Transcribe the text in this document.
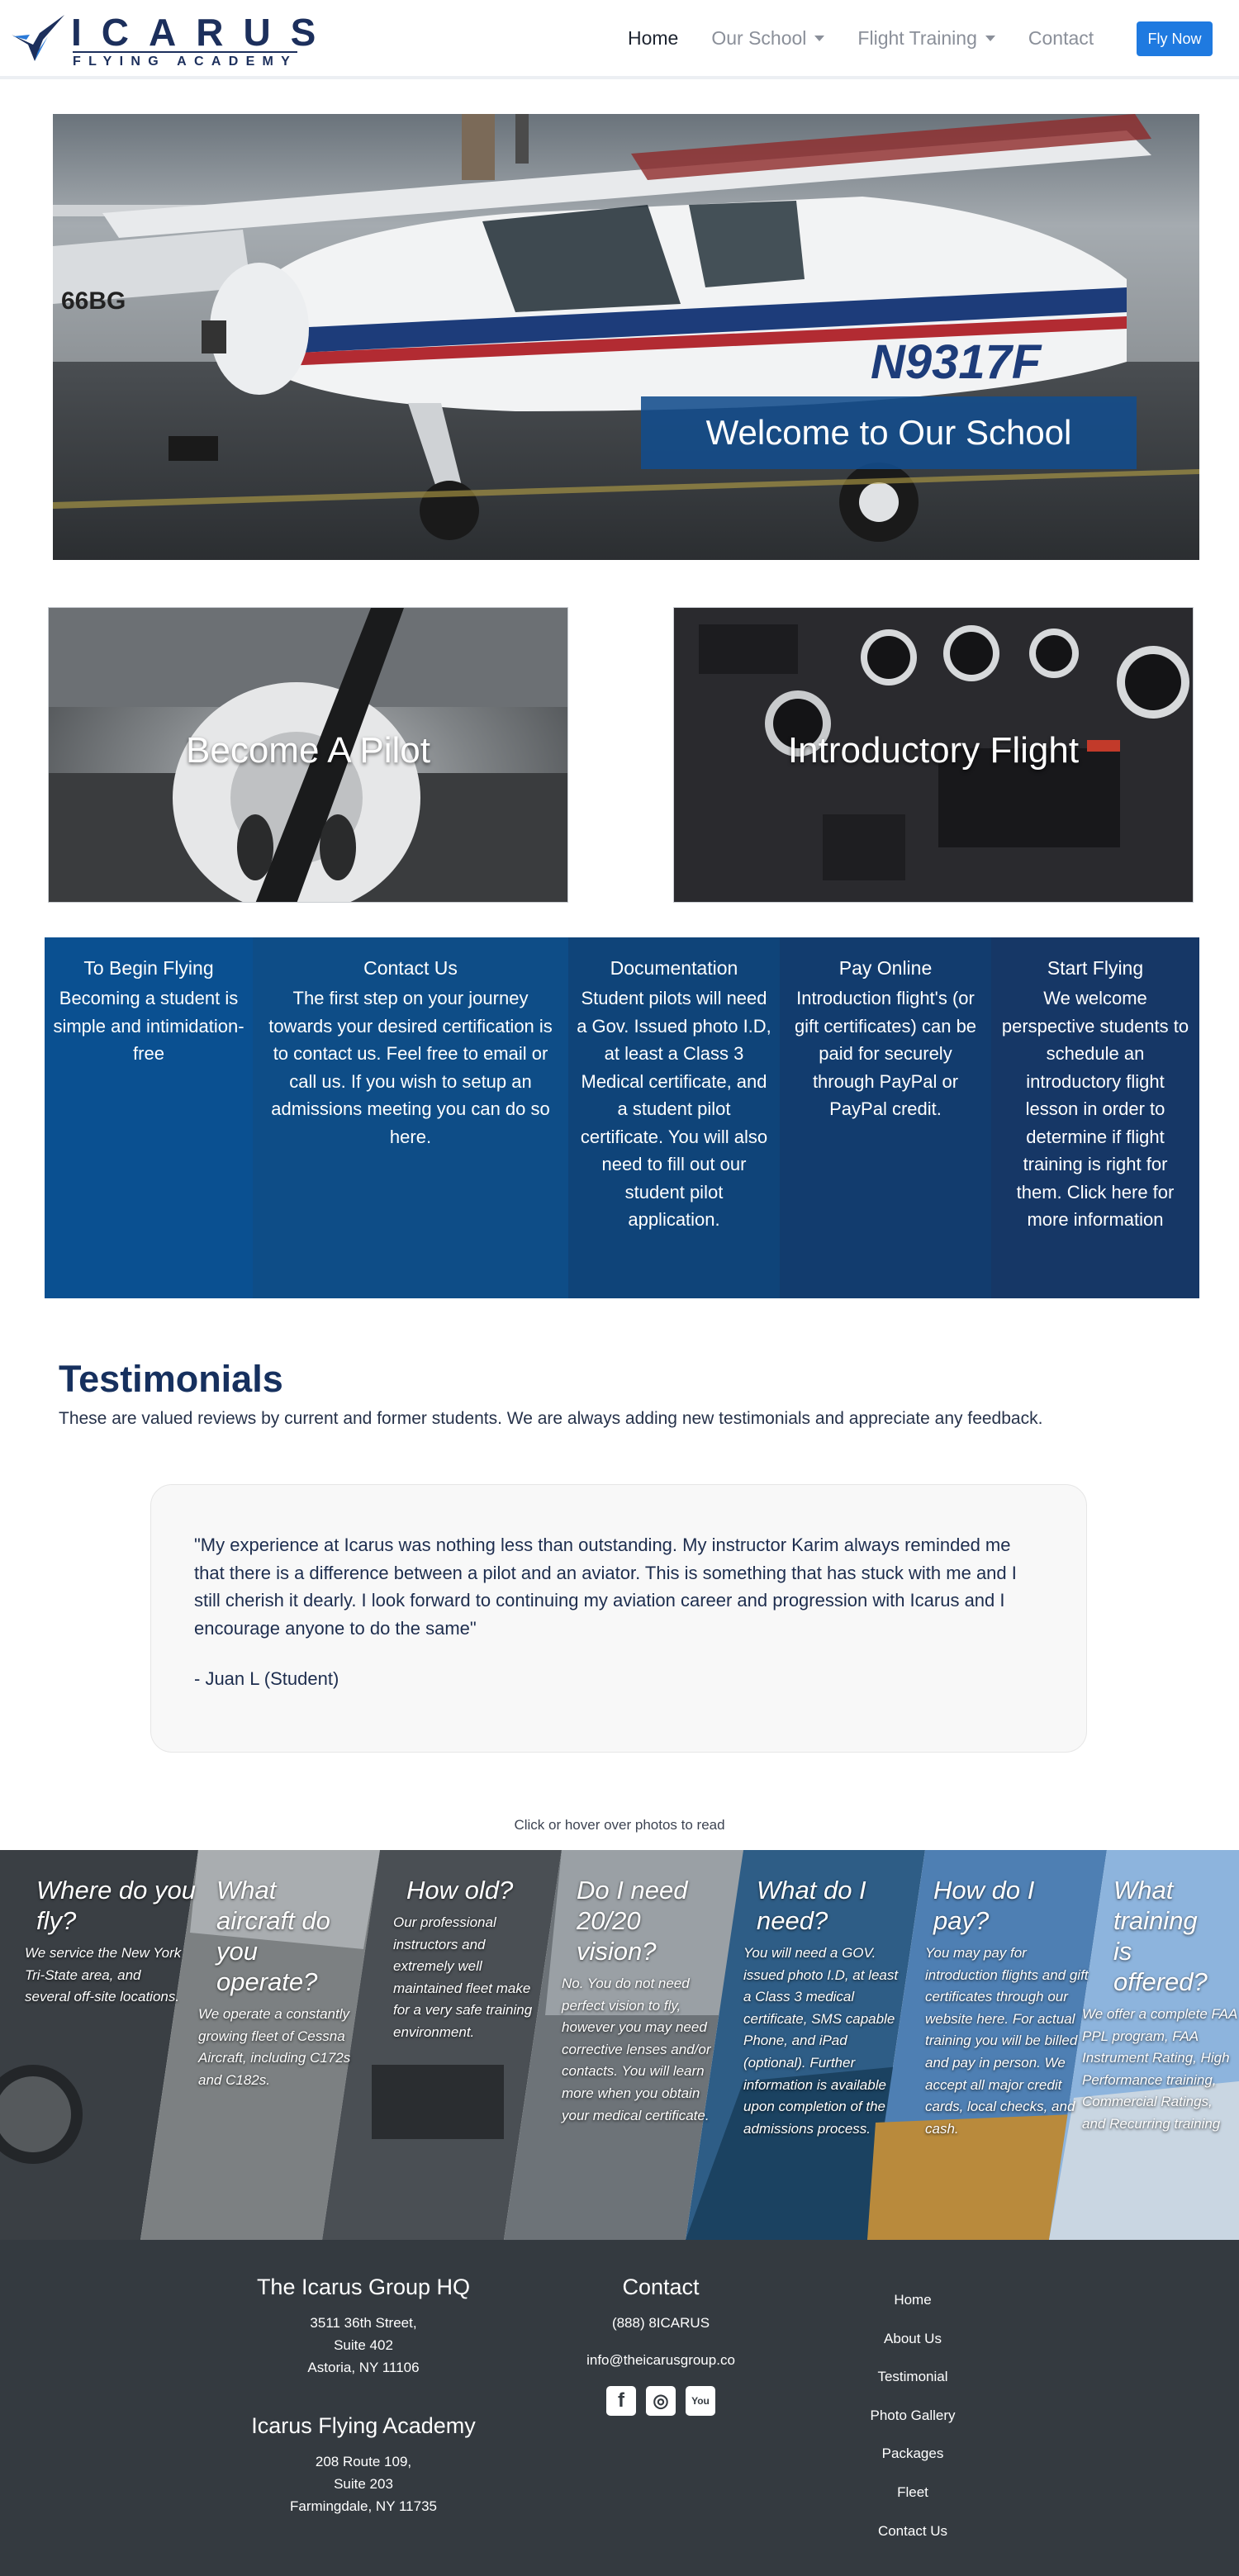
ICARUS
FLYING ACADEMY
Home Our School	Flight Training	Contact	Fly Now
N9317F
66BG
Welcome to Our School
Become A Pilot	Introductory Flight
To Begin Flying
Becoming a student is simple and intimidation-free
Contact Us
The first step on your journey towards your desired certification is to contact us. Feel free to email or call us. If you wish to setup an admissions meeting you can do so here.
Documentation
Student pilots will need a Gov. Issued photo I.D, at least a Class 3 Medical certificate, and a student pilot certificate. You will also need to fill out our student pilot application.
Pay Online
Introduction flight's (or gift certificates) can be paid for securely through PayPal or PayPal credit.
Start Flying
We welcome perspective students to schedule an introductory flight lesson in order to determine if flight training is right for them. Click here for more information
Testimonials

These are valued reviews by current and former students. We are always adding new testimonials and appreciate any feedback.

"My experience at Icarus was nothing less than outstanding. My instructor Karim always reminded me that there is a difference between a pilot and an aviator. This is something that has stuck with me and I still cherish it dearly. I look forward to continuing my aviation career and progression with Icarus and I encourage anyone to do the same"

- Juan L (Student)

Click or hover over photos to read
Where do you fly?
We service the New York Tri-State area, and several off-site locations.
What aircraft do you operate?
We operate a constantly growing fleet of Cessna Aircraft, including C172s and C182s.
How old?
Our professional instructors and extremely well maintained fleet make for a very safe training environment.
Do I need 20/20 vision?
No. You do not need perfect vision to fly, however you may need corrective lenses and/or contacts. You will learn more when you obtain your medical certificate.
What do I need?
You will need a GOV. issued photo I.D, at least a Class 3 medical certificate, SMS capable Phone, and iPad (optional). Further information is available upon completion of the admissions process.
How do I pay?
You may pay for introduction flights and gift certificates through our website here. For actual training you will be billed and pay in person. We accept all major credit cards, local checks, and cash.
What training is offered?
We offer a complete FAA PPL program, FAA Instrument Rating, High Performance training, Commercial Ratings, and Recurring training
The Icarus Group HQ
3511 36th Street,
Suite 402
Astoria, NY 11106
Icarus Flying Academy
208 Route 109,
Suite 203
Farmingdale, NY 11735
Contact
(888) 8ICARUS
info@theicarusgroup.co
f	◎	You
Home
About Us
Testimonial
Photo Gallery
Packages
Fleet
Contact Us
